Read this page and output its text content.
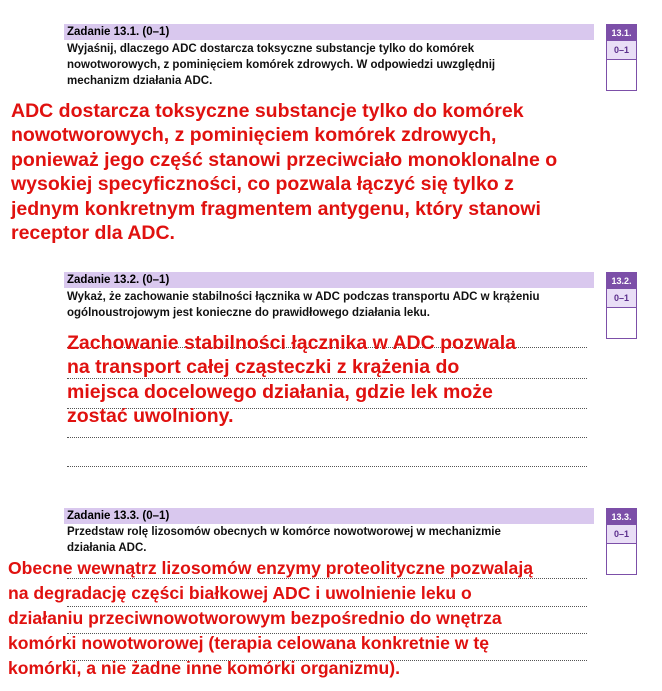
Zadanie 13.1. (0–1)
Wyjaśnij, dlaczego ADC dostarcza toksyczne substancje tylko do komórek
nowotworowych, z pominięciem komórek zdrowych. W odpowiedzi uwzględnij
mechanizm działania ADC.
13.1.
0–1
ADC dostarcza toksyczne substancje tylko do komórek
nowotworowych, z pominięciem komórek zdrowych,
ponieważ jego część stanowi przeciwciało monoklonalne o
wysokiej specyficzności, co pozwala łączyć się tylko z
jednym konkretnym fragmentem antygenu, który stanowi
receptor dla ADC.
Zadanie 13.2. (0–1)
Wykaż, że zachowanie stabilności łącznika w ADC podczas transportu ADC w krążeniu
ogólnoustrojowym jest konieczne do prawidłowego działania leku.
13.2.
0–1
Zachowanie stabilności łącznika w ADC pozwala
na transport całej cząsteczki z krążenia do
miejsca docelowego działania, gdzie lek może
zostać uwolniony.
Zadanie 13.3. (0–1)
Przedstaw rolę lizosomów obecnych w komórce nowotworowej w mechanizmie
działania ADC.
13.3.
0–1
Obecne wewnątrz lizosomów enzymy proteolityczne pozwalają
na degradację części białkowej ADC i uwolnienie leku o
działaniu przeciwnowotworowym bezpośrednio do wnętrza
komórki nowotworowej (terapia celowana konkretnie w tę
komórki, a nie żadne inne komórki organizmu).
